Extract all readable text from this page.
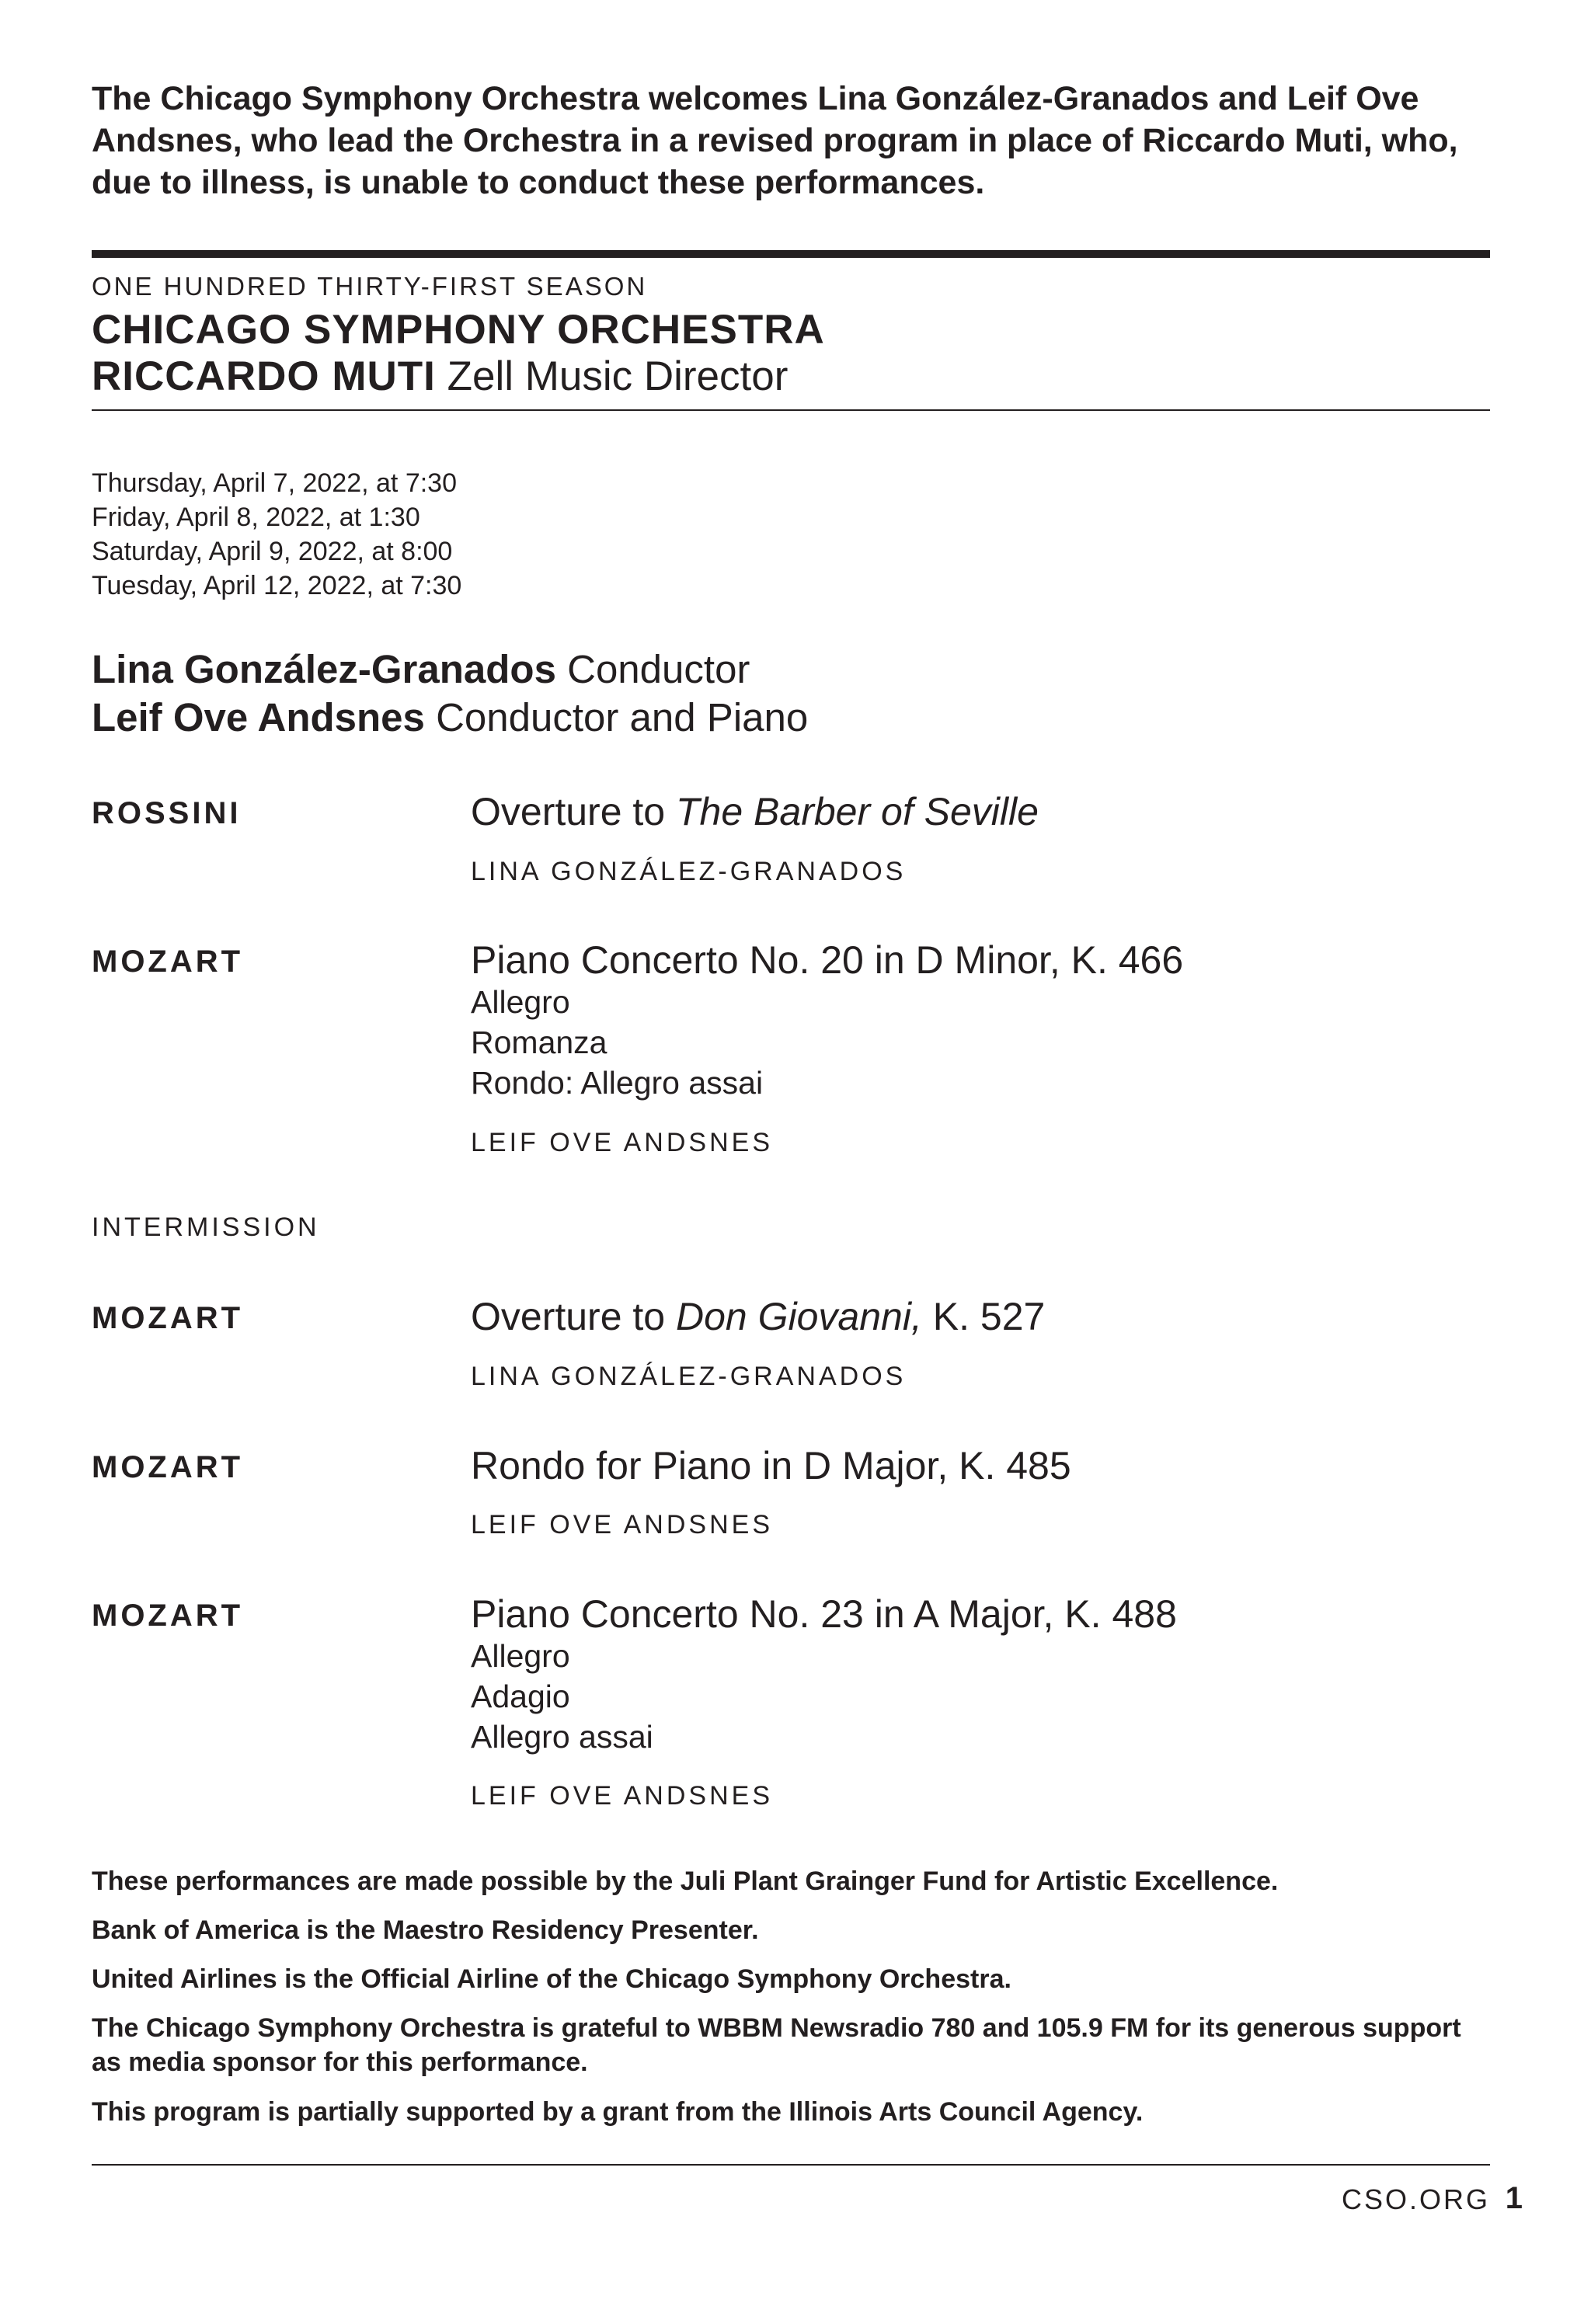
The Chicago Symphony Orchestra welcomes Lina González-Granados and Leif Ove Andsnes, who lead the Orchestra in a revised program in place of Riccardo Muti, who, due to illness, is unable to conduct these performances.

ONE HUNDRED THIRTY-FIRST SEASON
CHICAGO SYMPHONY ORCHESTRA
RICCARDO MUTI Zell Music Director
Thursday, April 7, 2022, at 7:30
Friday, April 8, 2022, at 1:30
Saturday, April 9, 2022, at 8:00
Tuesday, April 12, 2022, at 7:30
Lina González-Granados Conductor
Leif Ove Andsnes Conductor and Piano
ROSSINI	Overture to The Barber of Seville
LINA GONZÁLEZ-GRANADOS
MOZART	Piano Concerto No. 20 in D Minor, K. 466
Allegro
Romanza
Rondo: Allegro assai
LEIF OVE ANDSNES
INTERMISSION
MOZART	Overture to Don Giovanni, K. 527
LINA GONZÁLEZ-GRANADOS
MOZART	Rondo for Piano in D Major, K. 485
LEIF OVE ANDSNES
MOZART	Piano Concerto No. 23 in A Major, K. 488
Allegro
Adagio
Allegro assai
LEIF OVE ANDSNES

These performances are made possible by the Juli Plant Grainger Fund for Artistic Excellence.

Bank of America is the Maestro Residency Presenter.

United Airlines is the Official Airline of the Chicago Symphony Orchestra.

The Chicago Symphony Orchestra is grateful to WBBM Newsradio 780 and 105.9 FM for its generous support as media sponsor for this performance.

This program is partially supported by a grant from the Illinois Arts Council Agency.

CSO.ORG 1
